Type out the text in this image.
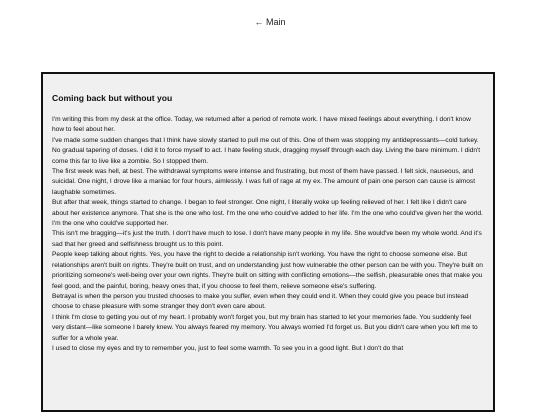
← Main
Coming back but without you

I'm writing this from my desk at the office. Today, we returned after a period of remote work. I have mixed feelings about everything. I don't know how to feel about her.

I've made some sudden changes that I think have slowly started to pull me out of this. One of them was stopping my antidepressants—cold turkey. No gradual tapering of doses. I did it to force myself to act. I hate feeling stuck, dragging myself through each day. Living the bare minimum. I didn't come this far to live like a zombie. So I stopped them.

The first week was hell, at best. The withdrawal symptoms were intense and frustrating, but most of them have passed. I felt sick, nauseous, and suicidal. One night, I drove like a maniac for four hours, aimlessly. I was full of rage at my ex. The amount of pain one person can cause is almost laughable sometimes.

But after that week, things started to change. I began to feel stronger. One night, I literally woke up feeling relieved of her. I felt like I didn't care about her existence anymore. That she is the one who lost. I'm the one who could've added to her life. I'm the one who could've given her the world. I'm the one who could've supported her.

This isn't me bragging—it's just the truth. I don't have much to lose. I don't have many people in my life. She would've been my whole world. And it's sad that her greed and selfishness brought us to this point.

People keep talking about rights. Yes, you have the right to decide a relationship isn't working. You have the right to choose someone else. But relationships aren't built on rights. They're built on trust, and on understanding just how vulnerable the other person can be with you. They're built on prioritizing someone's well-being over your own rights. They're built on sitting with conflicting emotions—the selfish, pleasurable ones that make you feel good, and the painful, boring, heavy ones that, if you choose to feel them, relieve someone else's suffering.

Betrayal is when the person you trusted chooses to make you suffer, even when they could end it. When they could give you peace but instead choose to chase pleasure with some stranger they don't even care about.

I think I'm close to getting you out of my heart. I probably won't forget you, but my brain has started to let your memories fade. You suddenly feel very distant—like someone I barely knew. You always feared my memory. You always worried I'd forget us. But you didn't care when you left me to suffer for a whole year.

I used to close my eyes and try to remember you, just to feel some warmth. To see you in a good light. But I don't do that
